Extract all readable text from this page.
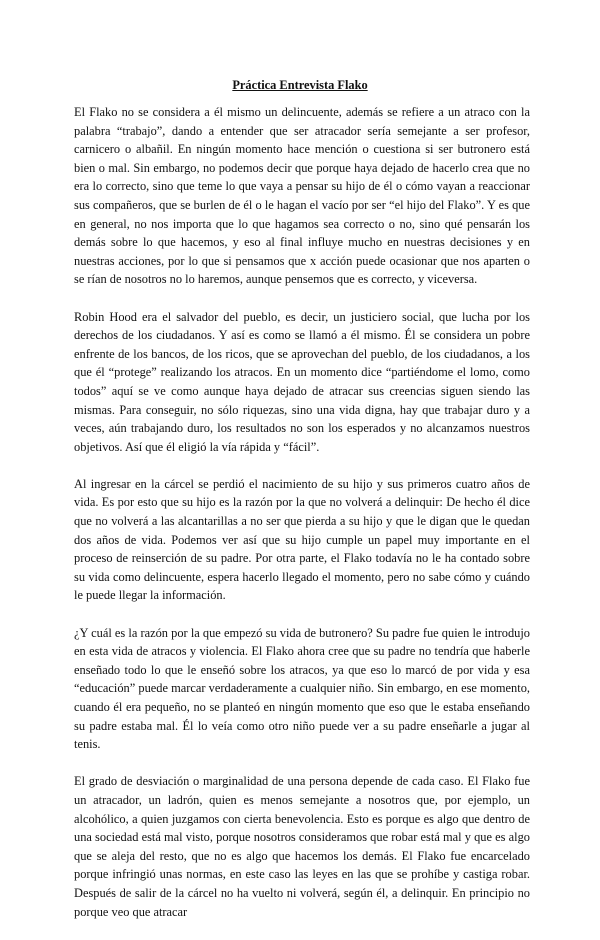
Práctica Entrevista Flako

El Flako no se considera a él mismo un delincuente, además se refiere a un atraco con la palabra “trabajo”, dando a entender que ser atracador sería semejante a ser profesor, carnicero o albañil. En ningún momento hace mención o cuestiona si ser butronero está bien o mal. Sin embargo, no podemos decir que porque haya dejado de hacerlo crea que no era lo correcto, sino que teme lo que vaya a pensar su hijo de él o cómo vayan a reaccionar sus compañeros, que se burlen de él o le hagan el vacío por ser “el hijo del Flako”. Y es que en general, no nos importa que lo que hagamos sea correcto o no, sino qué pensarán los demás sobre lo que hacemos, y eso al final influye mucho en nuestras decisiones y en nuestras acciones, por lo que si pensamos que x acción puede ocasionar que nos aparten o se rían de nosotros no lo haremos, aunque pensemos que es correcto, y viceversa.

Robin Hood era el salvador del pueblo, es decir, un justiciero social, que lucha por los derechos de los ciudadanos. Y así es como se llamó a él mismo. Él se considera un pobre enfrente de los bancos, de los ricos, que se aprovechan del pueblo, de los ciudadanos, a los que él “protege” realizando los atracos. En un momento dice “partiéndome el lomo, como todos” aquí se ve como aunque haya dejado de atracar sus creencias siguen siendo las mismas. Para conseguir, no sólo riquezas, sino una vida digna, hay que trabajar duro y a veces, aún trabajando duro, los resultados no son los esperados y no alcanzamos nuestros objetivos. Así que él eligió la vía rápida y “fácil”.

Al ingresar en la cárcel se perdió el nacimiento de su hijo y sus primeros cuatro años de vida. Es por esto que su hijo es la razón por la que no volverá a delinquir: De hecho él dice que no volverá a las alcantarillas a no ser que pierda a su hijo y que le digan que le quedan dos años de vida. Podemos ver así que su hijo cumple un papel muy importante en el proceso de reinserción de su padre. Por otra parte, el Flako todavía no le ha contado sobre su vida como delincuente, espera hacerlo llegado el momento, pero no sabe cómo y cuándo le puede llegar la información.

¿Y cuál es la razón por la que empezó su vida de butronero? Su padre fue quien le introdujo en esta vida de atracos y violencia. El Flako ahora cree que su padre no tendría que haberle enseñado todo lo que le enseñó sobre los atracos, ya que eso lo marcó de por vida y esa “educación” puede marcar verdaderamente a cualquier niño. Sin embargo, en ese momento, cuando él era pequeño, no se planteó en ningún momento que eso que le estaba enseñando su padre estaba mal. Él lo veía como otro niño puede ver a su padre enseñarle a jugar al tenis.

El grado de desviación o marginalidad de una persona depende de cada caso. El Flako fue un atracador, un ladrón, quien es menos semejante a nosotros que, por ejemplo, un alcohólico, a quien juzgamos con cierta benevolencia. Esto es porque es algo que dentro de una sociedad está mal visto, porque nosotros consideramos que robar está mal y que es algo que se aleja del resto, que no es algo que hacemos los demás. El Flako fue encarcelado porque infringió unas normas, en este caso las leyes en las que se prohíbe y castiga robar. Después de salir de la cárcel no ha vuelto ni volverá, según él, a delinquir. En principio no porque veo que atracar
